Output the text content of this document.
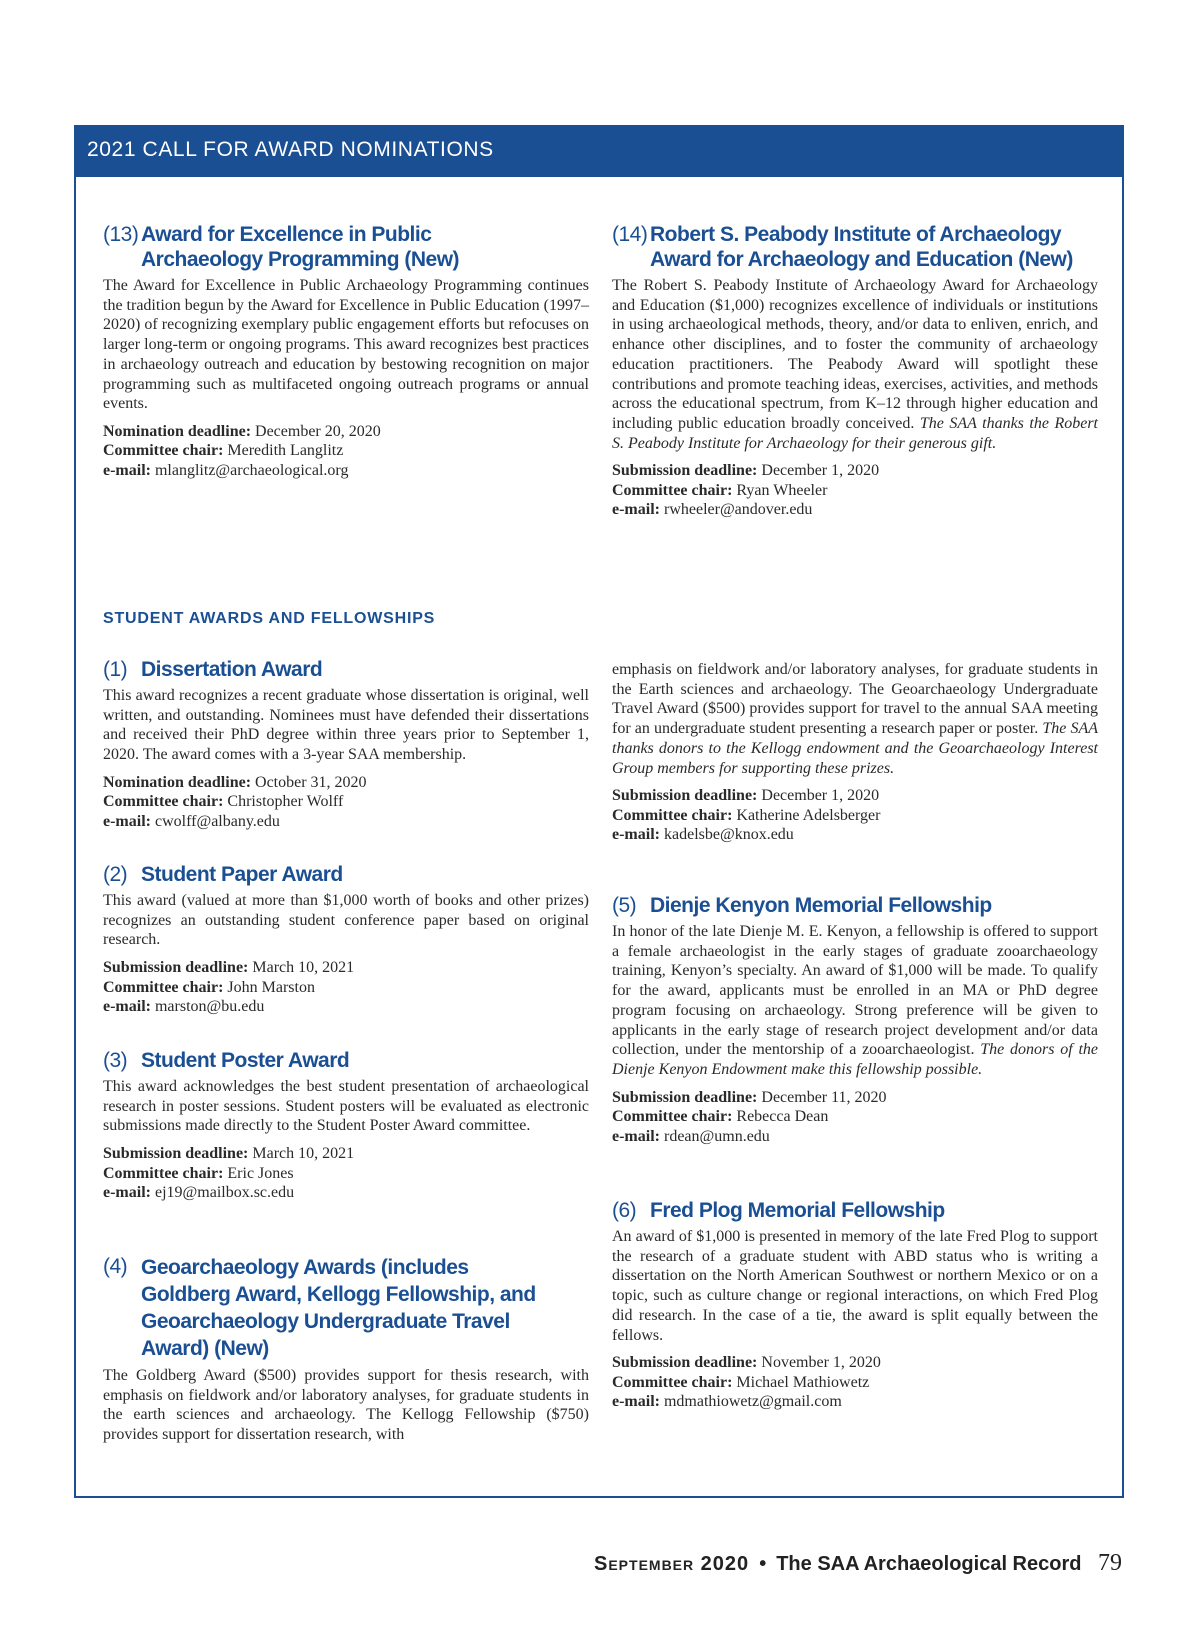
2021 CALL FOR AWARD NOMINATIONS
(13) Award for Excellence in Public Archaeology Programming (New)

The Award for Excellence in Public Archaeology Programming continues the tradition begun by the Award for Excellence in Public Education (1997–2020) of recognizing exemplary public engagement efforts but refocuses on larger long-term or ongoing programs. This award recognizes best practices in archaeology outreach and education by bestowing recognition on major programming such as multifaceted ongoing outreach programs or annual events.

Nomination deadline: December 20, 2020
Committee chair: Meredith Langlitz
e-mail: mlanglitz@archaeological.org
(14) Robert S. Peabody Institute of Archaeology Award for Archaeology and Education (New)

The Robert S. Peabody Institute of Archaeology Award for Archaeology and Education ($1,000) recognizes excellence of individuals or institutions in using archaeological methods, theory, and/or data to enliven, enrich, and enhance other disciplines, and to foster the community of archaeology education practitioners. The Peabody Award will spotlight these contributions and promote teaching ideas, exercises, activities, and methods across the educational spectrum, from K–12 through higher education and including public education broadly conceived. The SAA thanks the Robert S. Peabody Institute for Archaeology for their generous gift.

Submission deadline: December 1, 2020
Committee chair: Ryan Wheeler
e-mail: rwheeler@andover.edu
STUDENT AWARDS AND FELLOWSHIPS
(1) Dissertation Award

This award recognizes a recent graduate whose dissertation is original, well written, and outstanding. Nominees must have defended their dissertations and received their PhD degree within three years prior to September 1, 2020. The award comes with a 3-year SAA membership.

Nomination deadline: October 31, 2020
Committee chair: Christopher Wolff
e-mail: cwolff@albany.edu
(2) Student Paper Award

This award (valued at more than $1,000 worth of books and other prizes) recognizes an outstanding student conference paper based on original research.

Submission deadline: March 10, 2021
Committee chair: John Marston
e-mail: marston@bu.edu
(3) Student Poster Award

This award acknowledges the best student presentation of archaeological research in poster sessions. Student posters will be evaluated as electronic submissions made directly to the Student Poster Award committee.

Submission deadline: March 10, 2021
Committee chair: Eric Jones
e-mail: ej19@mailbox.sc.edu
(4) Geoarchaeology Awards (includes Goldberg Award, Kellogg Fellowship, and Geoarchaeology Undergraduate Travel Award) (New)

The Goldberg Award ($500) provides support for thesis research, with emphasis on fieldwork and/or laboratory analyses, for graduate students in the earth sciences and archaeology. The Kellogg Fellowship ($750) provides support for dissertation research, with

emphasis on fieldwork and/or laboratory analyses, for graduate students in the Earth sciences and archaeology. The Geoarchaeology Undergraduate Travel Award ($500) provides support for travel to the annual SAA meeting for an undergraduate student presenting a research paper or poster. The SAA thanks donors to the Kellogg endowment and the Geoarchaeology Interest Group members for supporting these prizes.

Submission deadline: December 1, 2020
Committee chair: Katherine Adelsberger
e-mail: kadelsbe@knox.edu
(5) Dienje Kenyon Memorial Fellowship

In honor of the late Dienje M. E. Kenyon, a fellowship is offered to support a female archaeologist in the early stages of graduate zooarchaeology training, Kenyon’s specialty. An award of $1,000 will be made. To qualify for the award, applicants must be enrolled in an MA or PhD degree program focusing on archaeology. Strong preference will be given to applicants in the early stage of research project development and/or data collection, under the mentorship of a zooarchaeologist. The donors of the Dienje Kenyon Endowment make this fellowship possible.

Submission deadline: December 11, 2020
Committee chair: Rebecca Dean
e-mail: rdean@umn.edu
(6) Fred Plog Memorial Fellowship

An award of $1,000 is presented in memory of the late Fred Plog to support the research of a graduate student with ABD status who is writing a dissertation on the North American Southwest or northern Mexico or on a topic, such as culture change or regional interactions, on which Fred Plog did research. In the case of a tie, the award is split equally between the fellows.

Submission deadline: November 1, 2020
Committee chair: Michael Mathiowetz
e-mail: mdmathiowetz@gmail.com
September 2020 • The SAA Archaeological Record 79
